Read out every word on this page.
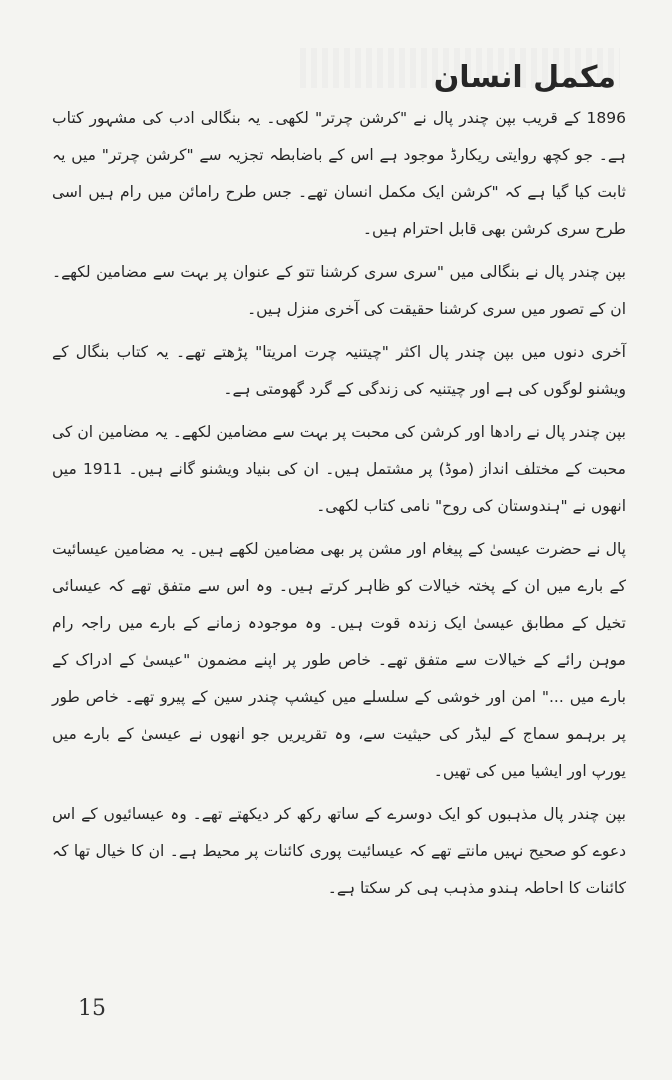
مکمل انسان

1896 کے قریب بپن چندر پال نے "کرشن چرتر" لکھی۔ یہ بنگالی ادب کی مشہور کتاب ہے۔ جو کچھ روایتی ریکارڈ موجود ہے اس کے باضابطہ تجزیہ سے "کرشن چرتر" میں یہ ثابت کیا گیا ہے کہ "کرشن ایک مکمل انسان تھے۔ جس طرح رامائن میں رام ہیں اسی طرح سری کرشن بھی قابل احترام ہیں۔

بپن چندر پال نے بنگالی میں "سری سری کرشنا تتو کے عنوان پر بہت سے مضامین لکھے۔ ان کے تصور میں سری کرشنا حقیقت کی آخری منزل ہیں۔

آخری دنوں میں بپن چندر پال اکثر "چیتنیہ چرت امریتا" پڑھتے تھے۔ یہ کتاب بنگال کے ویشنو لوگوں کی ہے اور چیتنیہ کی زندگی کے گرد گھومتی ہے۔

بپن چندر پال نے رادھا اور کرشن کی محبت پر بہت سے مضامین لکھے۔ یہ مضامین ان کی محبت کے مختلف انداز (موڈ) پر مشتمل ہیں۔ ان کی بنیاد ویشنو گانے ہیں۔ 1911 میں انھوں نے "ہندوستان کی روح" نامی کتاب لکھی۔

پال نے حضرت عیسیٰ کے پیغام اور مشن پر بھی مضامین لکھے ہیں۔ یہ مضامین عیسائیت کے بارے میں ان کے پختہ خیالات کو ظاہر کرتے ہیں۔ وہ اس سے متفق تھے کہ عیسائی تخیل کے مطابق عیسیٰ ایک زندہ قوت ہیں۔ وہ موجودہ زمانے کے بارے میں راجہ رام موہن رائے کے خیالات سے متفق تھے۔ خاص طور پر اپنے مضمون "عیسیٰ کے ادراک کے بارے میں ..." امن اور خوشی کے سلسلے میں کیشپ چندر سین کے پیرو تھے۔ خاص طور پر برہمو سماج کے لیڈر کی حیثیت سے، وہ تقریریں جو انھوں نے عیسیٰ کے بارے میں یورپ اور ایشیا میں کی تھیں۔

بپن چندر پال مذہبوں کو ایک دوسرے کے ساتھ رکھ کر دیکھتے تھے۔ وہ عیسائیوں کے اس دعوے کو صحیح نہیں مانتے تھے کہ عیسائیت پوری کائنات پر محیط ہے۔ ان کا خیال تھا کہ کائنات کا احاطہ ہندو مذہب ہی کر سکتا ہے۔

15
